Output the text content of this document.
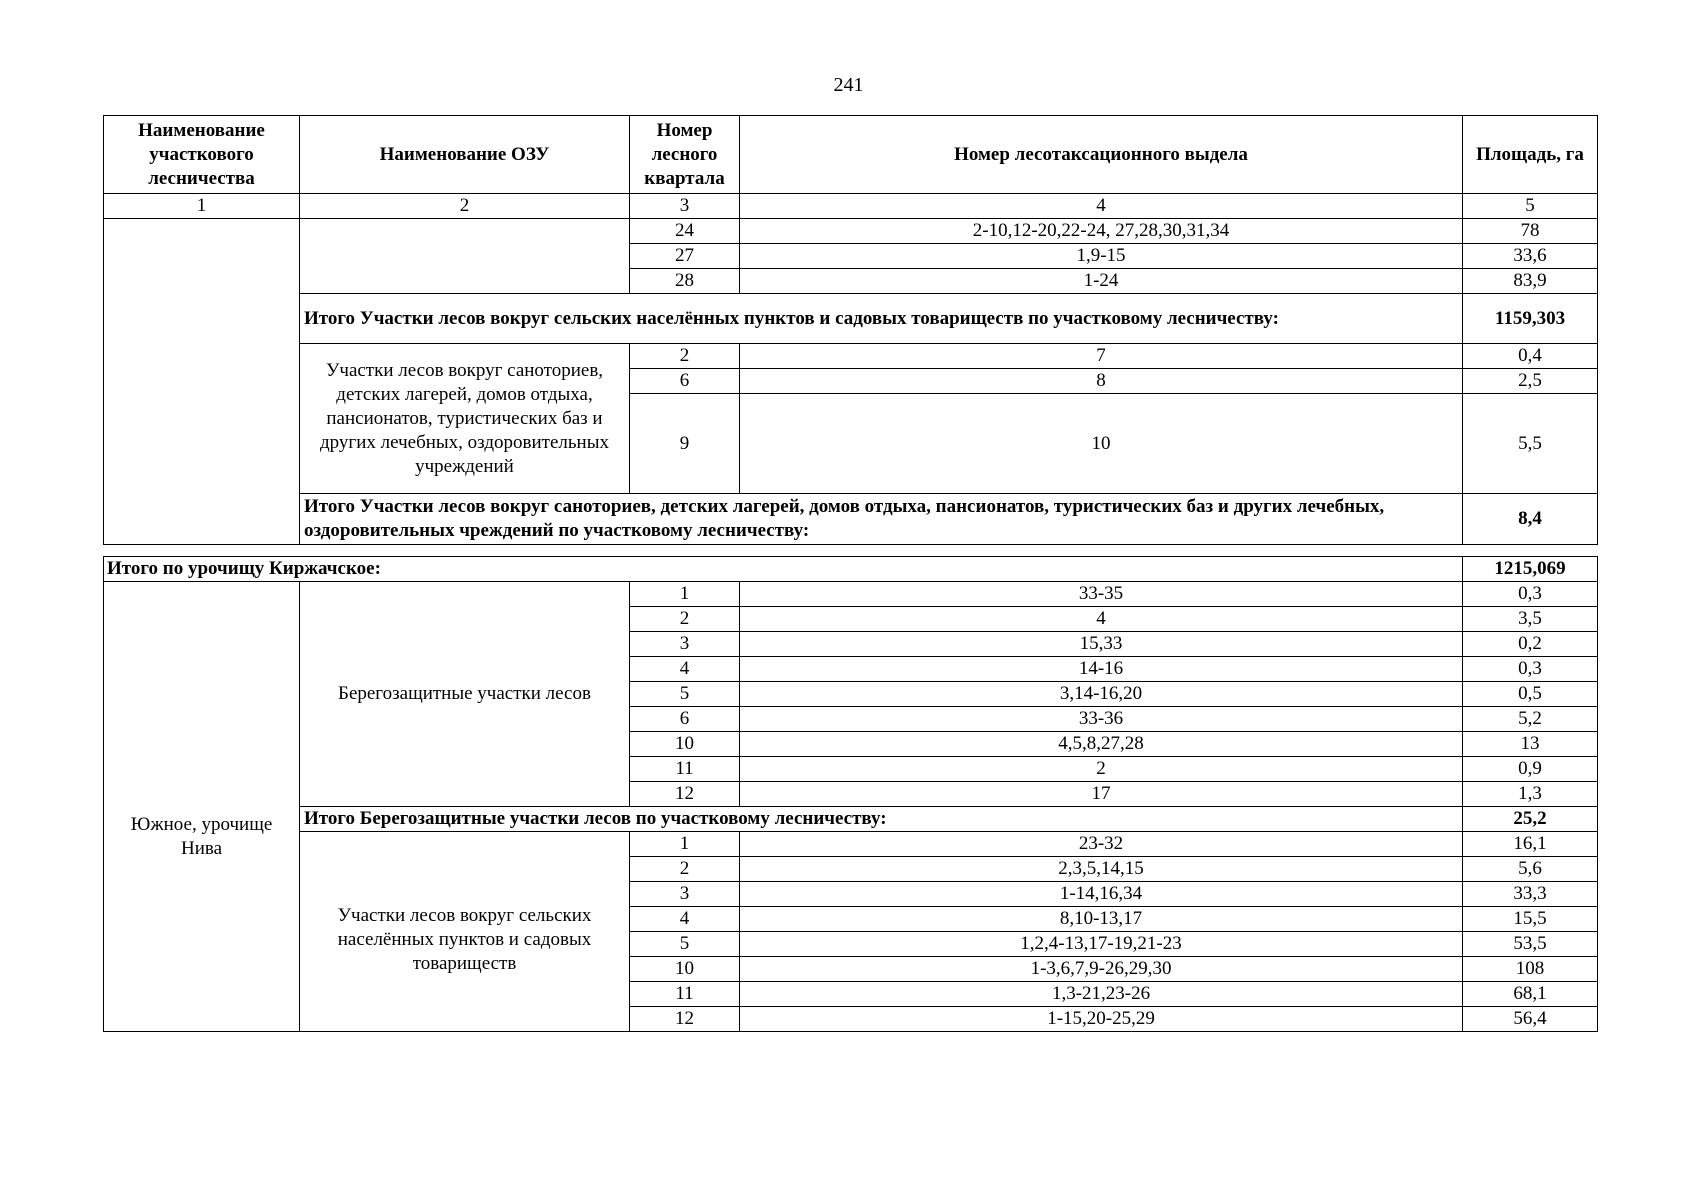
241
Наименование участкового лесничества	Наименование ОЗУ	Номер лесного квартала	Номер лесотаксационного выдела	Площадь, га
1	2	3	4	5
		24	2-10,12-20,22-24, 27,28,30,31,34	78
		27	1,9-15	33,6
		28	1-24	83,9
	Итого Участки лесов вокруг сельских населённых пунктов и садовых товариществ по участковому лесничеству:			1159,303
	Участки лесов вокруг саноториев, детских лагерей, домов отдыха, пансионатов, туристических баз и других лечебных, оздоровительных учреждений	2	7	0,4
		6	8	2,5
		9	10	5,5
	Итого Участки лесов вокруг саноториев, детских лагерей, домов отдыха, пансионатов, туристических баз и других лечебных, оздоровительных чреждений по участковому лесничеству:			8,4
Итого по урочищу Киржачское:				1215,069
Южное, урочище Нива	Берегозащитные участки лесов	1	33-35	0,3
		2	4	3,5
		3	15,33	0,2
		4	14-16	0,3
		5	3,14-16,20	0,5
		6	33-36	5,2
		10	4,5,8,27,28	13
		11	2	0,9
		12	17	1,3
	Итого Берегозащитные участки лесов по участковому лесничеству:			25,2
	Участки лесов вокруг сельских населённых пунктов и садовых товариществ	1	23-32	16,1
		2	2,3,5,14,15	5,6
		3	1-14,16,34	33,3
		4	8,10-13,17	15,5
		5	1,2,4-13,17-19,21-23	53,5
		10	1-3,6,7,9-26,29,30	108
		11	1,3-21,23-26	68,1
		12	1-15,20-25,29	56,4
